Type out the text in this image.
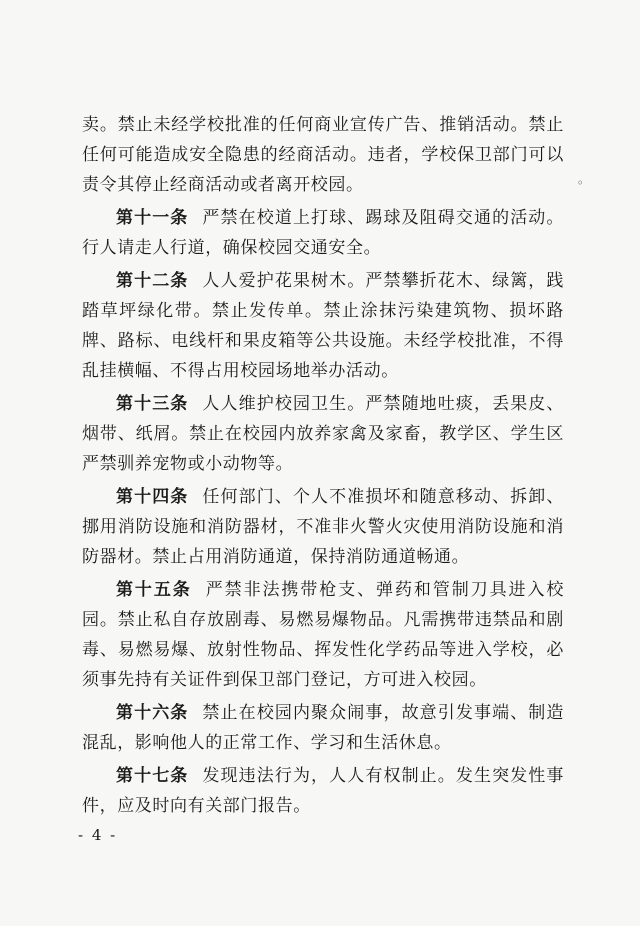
卖。禁止未经学校批准的任何商业宣传广告、推销活动。禁止任何可能造成安全隐患的经商活动。违者，学校保卫部门可以责令其停止经商活动或者离开校园。

第十一条 严禁在校道上打球、踢球及阻碍交通的活动。行人请走人行道，确保校园交通安全。

第十二条 人人爱护花果树木。严禁攀折花木、绿篱，践踏草坪绿化带。禁止发传单。禁止涂抹污染建筑物、损坏路牌、路标、电线杆和果皮箱等公共设施。未经学校批准，不得乱挂横幅、不得占用校园场地举办活动。

第十三条 人人维护校园卫生。严禁随地吐痰，丢果皮、烟带、纸屑。禁止在校园内放养家禽及家畜，教学区、学生区严禁驯养宠物或小动物等。

第十四条 任何部门、个人不准损坏和随意移动、拆卸、挪用消防设施和消防器材，不准非火警火灾使用消防设施和消防器材。禁止占用消防通道，保持消防通道畅通。

第十五条 严禁非法携带枪支、弹药和管制刀具进入校园。禁止私自存放剧毒、易燃易爆物品。凡需携带违禁品和剧毒、易燃易爆、放射性物品、挥发性化学药品等进入学校，必须事先持有关证件到保卫部门登记，方可进入校园。

第十六条 禁止在校园内聚众闹事，故意引发事端、制造混乱，影响他人的正常工作、学习和生活休息。

第十七条 发现违法行为，人人有权制止。发生突发性事件，应及时向有关部门报告。

。
- 4 -
